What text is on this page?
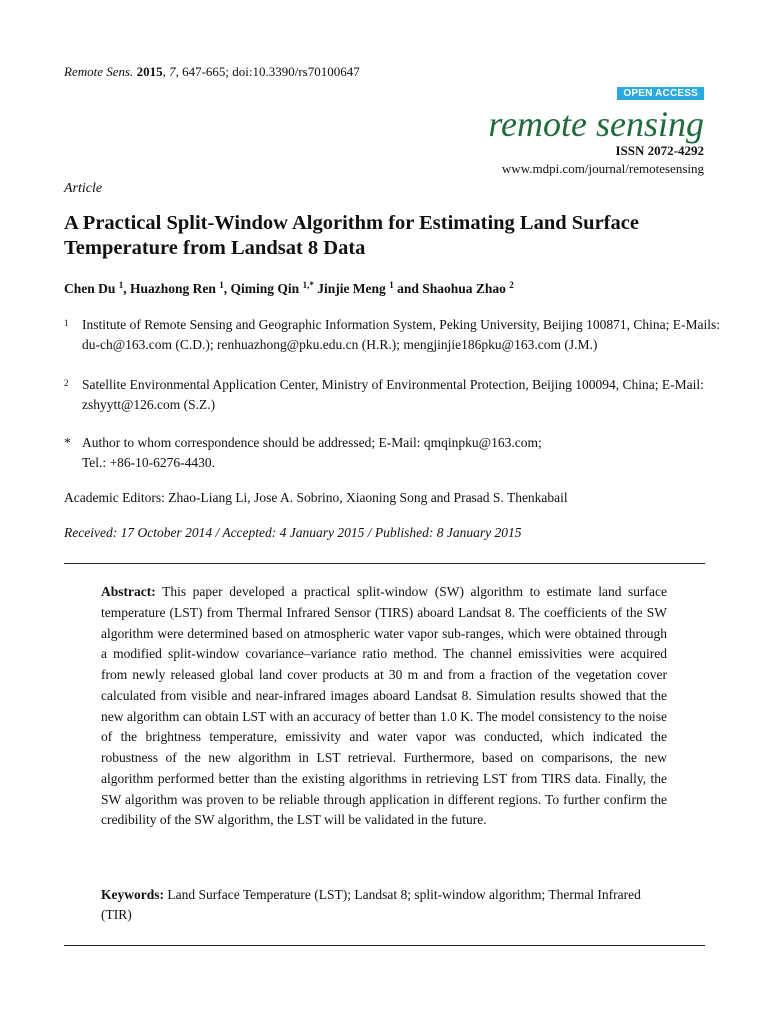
Remote Sens. 2015, 7, 647-665; doi:10.3390/rs70100647
OPEN ACCESS
remote sensing
ISSN 2072-4292
www.mdpi.com/journal/remotesensing
Article
A Practical Split-Window Algorithm for Estimating Land Surface Temperature from Landsat 8 Data
Chen Du $^1$, Huazhong Ren $^1$, Qiming Qin $^{1,*}$ Jinjie Meng $^1$ and Shaohua Zhao $^2$
1 Institute of Remote Sensing and Geographic Information System, Peking University, Beijing 100871, China; E-Mails: du-ch@163.com (C.D.); renhuazhong@pku.edu.cn (H.R.); mengjinjie186pku@163.com (J.M.)
2 Satellite Environmental Application Center, Ministry of Environmental Protection, Beijing 100094, China; E-Mail: zshyytt@126.com (S.Z.)
* Author to whom correspondence should be addressed; E-Mail: qmqinpku@163.com;
Tel.: +86-10-6276-4430.
Academic Editors: Zhao-Liang Li, Jose A. Sobrino, Xiaoning Song and Prasad S. Thenkabail
Received: 17 October 2014 / Accepted: 4 January 2015 / Published: 8 January 2015

Abstract: This paper developed a practical split-window (SW) algorithm to estimate land surface temperature (LST) from Thermal Infrared Sensor (TIRS) aboard Landsat 8. The coefficients of the SW algorithm were determined based on atmospheric water vapor sub-ranges, which were obtained through a modified split-window covariance–variance ratio method. The channel emissivities were acquired from newly released global land cover products at 30 m and from a fraction of the vegetation cover calculated from visible and near-infrared images aboard Landsat 8. Simulation results showed that the new algorithm can obtain LST with an accuracy of better than 1.0 K. The model consistency to the noise of the brightness temperature, emissivity and water vapor was conducted, which indicated the robustness of the new algorithm in LST retrieval. Furthermore, based on comparisons, the new algorithm performed better than the existing algorithms in retrieving LST from TIRS data. Finally, the SW algorithm was proven to be reliable through application in different regions. To further confirm the credibility of the SW algorithm, the LST will be validated in the future.

Keywords: Land Surface Temperature (LST); Landsat 8; split-window algorithm; Thermal Infrared (TIR)
